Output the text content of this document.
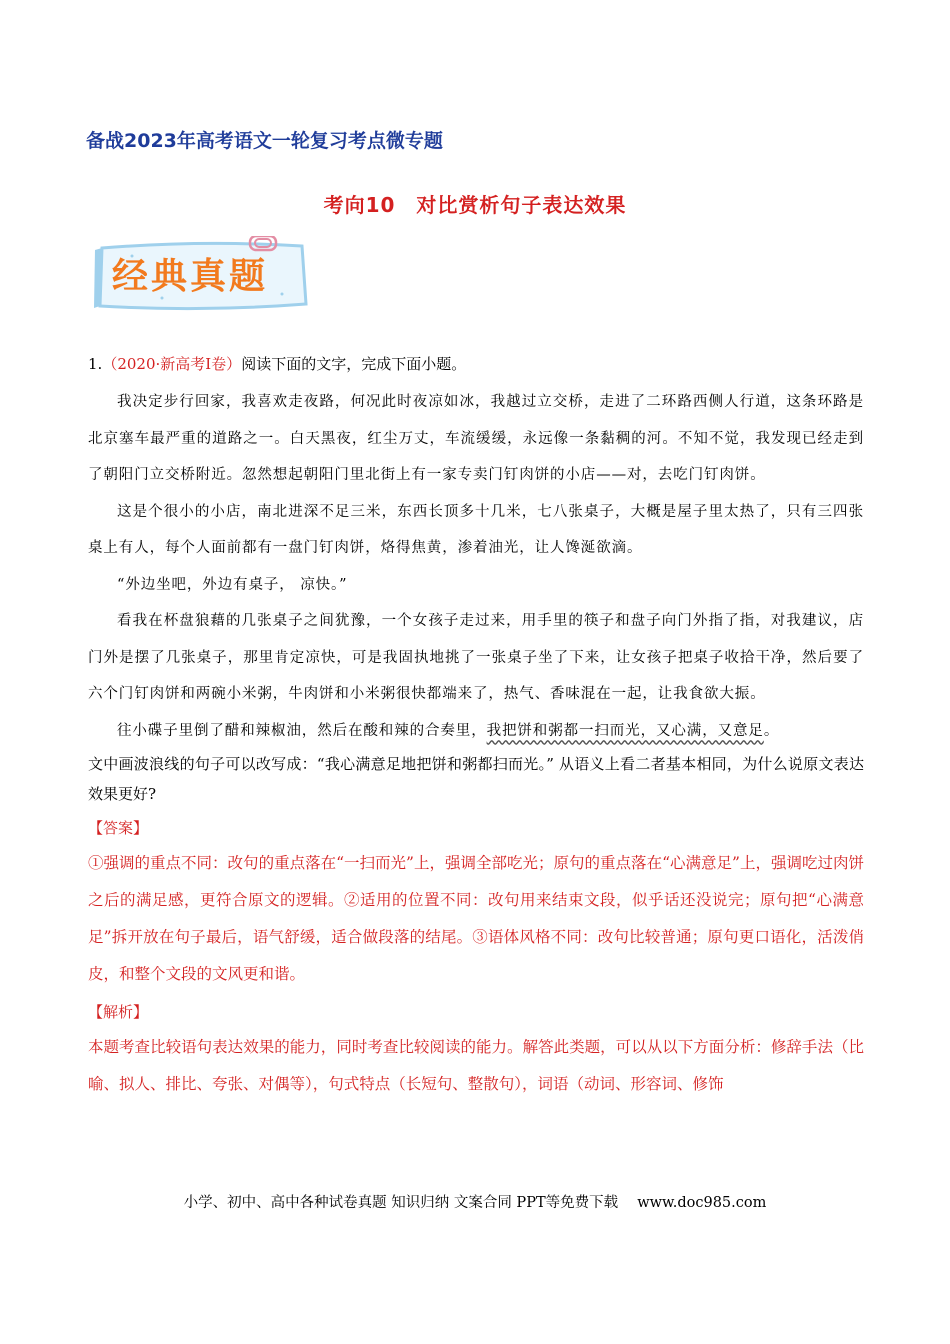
备战2023年高考语文一轮复习考点微专题
考向10　对比赏析句子表达效果
经典真题

1.（2020·新高考Ⅰ卷）阅读下面的文字，完成下面小题。

我决定步行回家，我喜欢走夜路，何况此时夜凉如冰，我越过立交桥，走进了二环路西侧人行道，这条环路是北京塞车最严重的道路之一。白天黑夜，红尘万丈，车流缓缓，永远像一条黏稠的河。不知不觉，我发现已经走到了朝阳门立交桥附近。忽然想起朝阳门里北街上有一家专卖门钉肉饼的小店——对，去吃门钉肉饼。

这是个很小的小店，南北进深不足三米，东西长顶多十几米，七八张桌子，大概是屋子里太热了，只有三四张桌上有人，每个人面前都有一盘门钉肉饼，烙得焦黄，渗着油光，让人馋涎欲滴。

“外边坐吧，外边有桌子， 凉快。”

看我在杯盘狼藉的几张桌子之间犹豫，一个女孩子走过来，用手里的筷子和盘子向门外指了指，对我建议，店门外是摆了几张桌子，那里肯定凉快，可是我固执地挑了一张桌子坐了下来，让女孩子把桌子收拾干净，然后要了六个门钉肉饼和两碗小米粥，牛肉饼和小米粥很快都端来了，热气、香味混在一起，让我食欲大振。

往小碟子里倒了醋和辣椒油，然后在酸和辣的合奏里，我把饼和粥都一扫而光，又心满，又意足。

文中画波浪线的句子可以改写成：“我心满意足地把饼和粥都扫而光。” 从语义上看二者基本相同，为什么说原文表达效果更好?

【答案】

①强调的重点不同：改句的重点落在“一扫而光”上，强调全部吃光；原句的重点落在“心满意足”上，强调吃过肉饼之后的满足感，更符合原文的逻辑。②适用的位置不同：改句用来结束文段，似乎话还没说完；原句把“心满意足”拆开放在句子最后，语气舒缓，适合做段落的结尾。③语体风格不同：改句比较普通；原句更口语化，活泼俏皮，和整个文段的文风更和谐。

【解析】

本题考查比较语句表达效果的能力，同时考查比较阅读的能力。解答此类题，可以从以下方面分析：修辞手法（比喻、拟人、排比、夸张、对偶等），句式特点（长短句、整散句），词语（动词、形容词、修饰

小学、初中、高中各种试卷真题 知识归纳 文案合同 PPT等免费下载　 www.doc985.com
